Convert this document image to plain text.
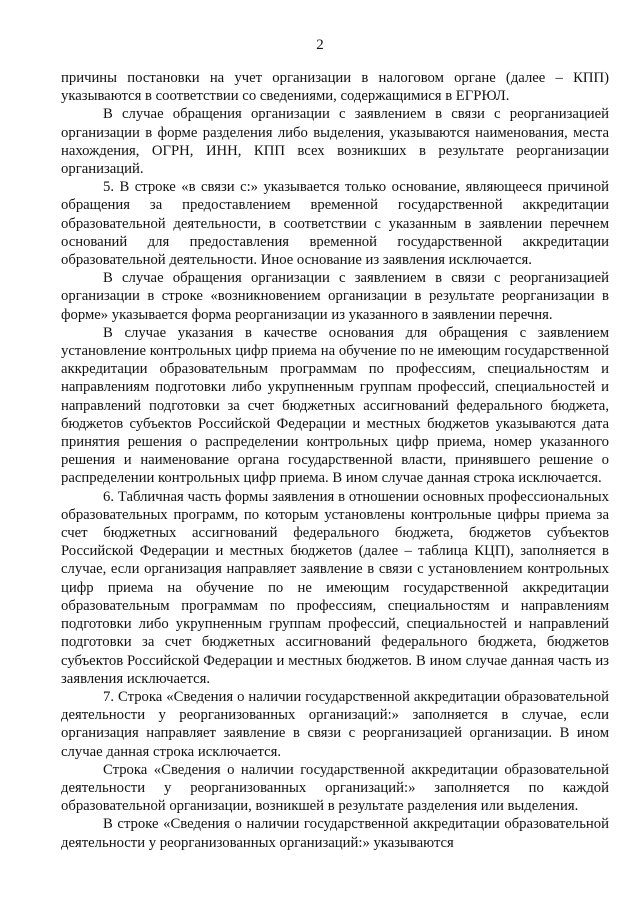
2

причины постановки на учет организации в налоговом органе (далее – КПП) указываются в соответствии со сведениями, содержащимися в ЕГРЮЛ.

В случае обращения организации с заявлением в связи с реорганизацией организации в форме разделения либо выделения, указываются наименования, места нахождения, ОГРН, ИНН, КПП всех возникших в результате реорганизации организаций.

5. В строке «в связи с:» указывается только основание, являющееся причиной обращения за предоставлением временной государственной аккредитации образовательной деятельности, в соответствии с указанным в заявлении перечнем оснований для предоставления временной государственной аккредитации образовательной деятельности. Иное основание из заявления исключается.

В случае обращения организации с заявлением в связи с реорганизацией организации в строке «возникновением организации в результате реорганизации в форме» указывается форма реорганизации из указанного в заявлении перечня.

В случае указания в качестве основания для обращения с заявлением установление контрольных цифр приема на обучение по не имеющим государственной аккредитации образовательным программам по профессиям, специальностям и направлениям подготовки либо укрупненным группам профессий, специальностей и направлений подготовки за счет бюджетных ассигнований федерального бюджета, бюджетов субъектов Российской Федерации и местных бюджетов указываются дата принятия решения о распределении контрольных цифр приема, номер указанного решения и наименование органа государственной власти, принявшего решение о распределении контрольных цифр приема. В ином случае данная строка исключается.

6. Табличная часть формы заявления в отношении основных профессиональных образовательных программ, по которым установлены контрольные цифры приема за счет бюджетных ассигнований федерального бюджета, бюджетов субъектов Российской Федерации и местных бюджетов (далее – таблица КЦП), заполняется в случае, если организация направляет заявление в связи с установлением контрольных цифр приема на обучение по не имеющим государственной аккредитации образовательным программам по профессиям, специальностям и направлениям подготовки либо укрупненным группам профессий, специальностей и направлений подготовки за счет бюджетных ассигнований федерального бюджета, бюджетов субъектов Российской Федерации и местных бюджетов. В ином случае данная часть из заявления исключается.

7. Строка «Сведения о наличии государственной аккредитации образовательной деятельности у реорганизованных организаций:» заполняется в случае, если организация направляет заявление в связи с реорганизацией организации. В ином случае данная строка исключается.

Строка «Сведения о наличии государственной аккредитации образовательной деятельности у реорганизованных организаций:» заполняется по каждой образовательной организации, возникшей в результате разделения или выделения.

В строке «Сведения о наличии государственной аккредитации образовательной деятельности у реорганизованных организаций:» указываются
